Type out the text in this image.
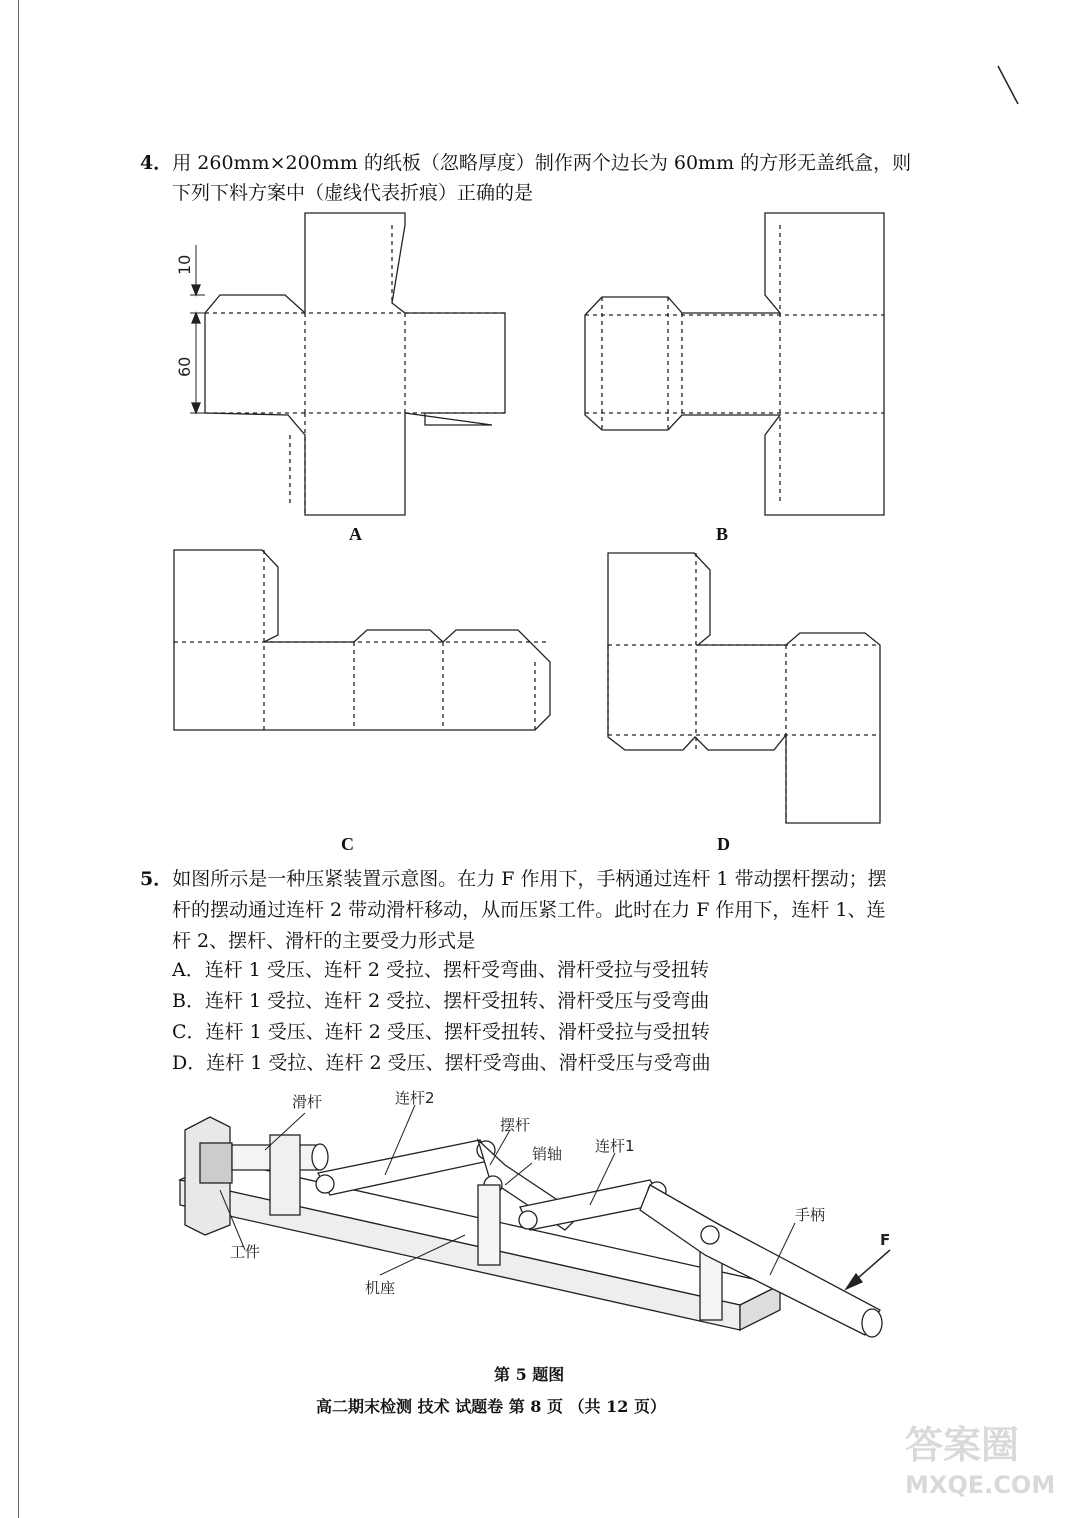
4．用 260mm×200mm 的纸板（忽略厚度）制作两个边长为 60mm 的方形无盖纸盒，则
下列下料方案中（虚线代表折痕）正确的是
10
60
A	B
C	D
5．如图所示是一种压紧装置示意图。在力 F 作用下，手柄通过连杆 1 带动摆杆摆动；摆
杆的摆动通过连杆 2 带动滑杆移动，从而压紧工件。此时在力 F 作用下，连杆 1、连
杆 2、摆杆、滑杆的主要受力形式是
A．连杆 1 受压、连杆 2 受拉、摆杆受弯曲、滑杆受拉与受扭转
B．连杆 1 受拉、连杆 2 受拉、摆杆受扭转、滑杆受压与受弯曲
C．连杆 1 受压、连杆 2 受压、摆杆受扭转、滑杆受拉与受扭转
D．连杆 1 受拉、连杆 2 受压、摆杆受弯曲、滑杆受压与受弯曲
滑杆	连杆2
摆杆
销轴 连杆1
手柄
工件
机座
F
第 5 题图
高二期末检测 技术 试题卷 第 8 页 （共 12 页）
答案圈
MXQE.COM
